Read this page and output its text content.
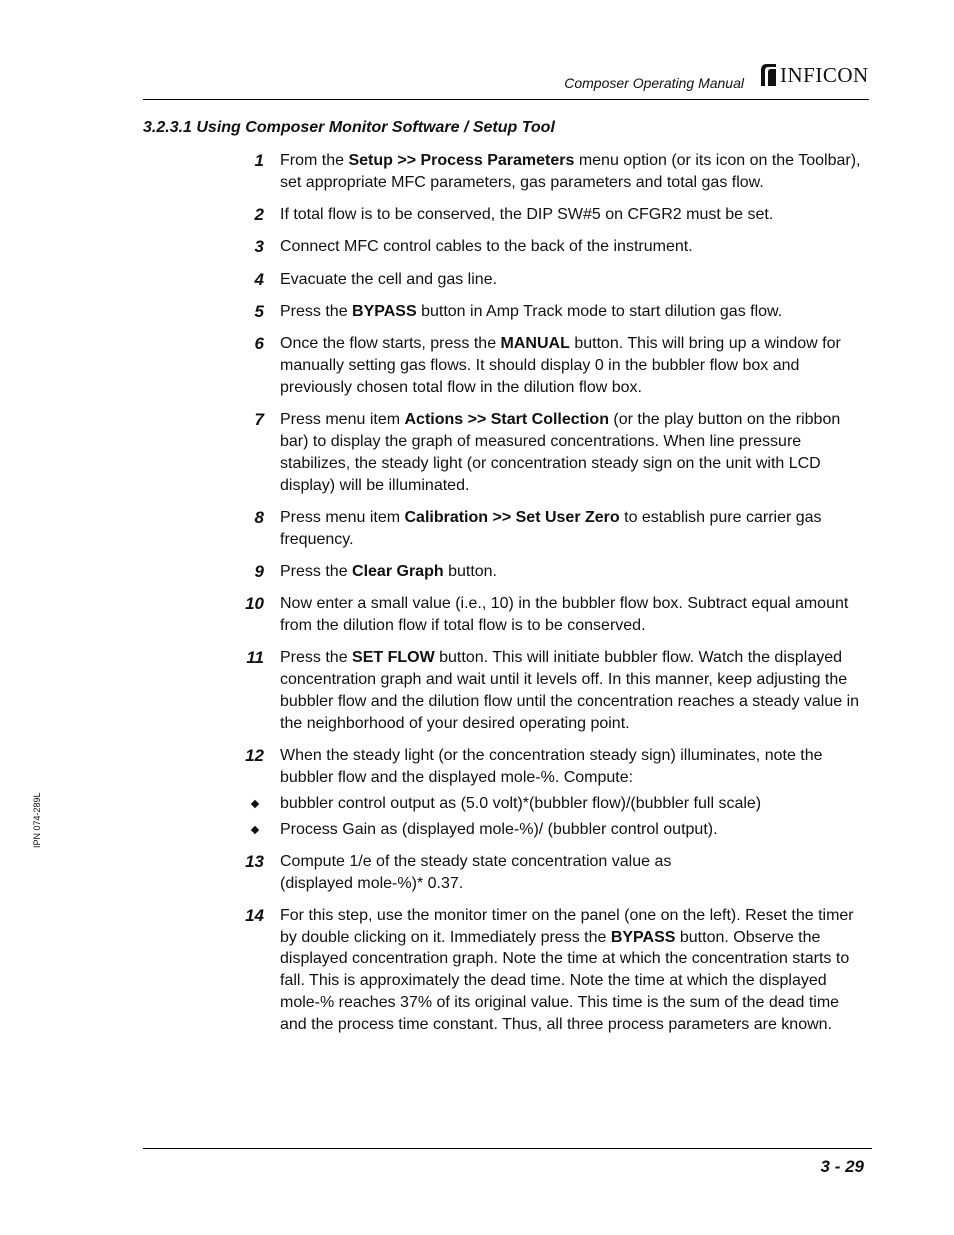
Composer Operating Manual INFICON
3.2.3.1 Using Composer Monitor Software / Setup Tool
IPN 074-289L
1 From the Setup >> Process Parameters menu option (or its icon on the Toolbar), set appropriate MFC parameters, gas parameters and total gas flow.
2 If total flow is to be conserved, the DIP SW#5 on CFGR2 must be set.
3 Connect MFC control cables to the back of the instrument.
4 Evacuate the cell and gas line.
5 Press the BYPASS button in Amp Track mode to start dilution gas flow.
6 Once the flow starts, press the MANUAL button. This will bring up a window for manually setting gas flows. It should display 0 in the bubbler flow box and previously chosen total flow in the dilution flow box.
7 Press menu item Actions >> Start Collection (or the play button on the ribbon bar) to display the graph of measured concentrations. When line pressure stabilizes, the steady light (or concentration steady sign on the unit with LCD display) will be illuminated.
8 Press menu item Calibration >> Set User Zero to establish pure carrier gas frequency.
9 Press the Clear Graph button.
10 Now enter a small value (i.e., 10) in the bubbler flow box. Subtract equal amount from the dilution flow if total flow is to be conserved.
11 Press the SET FLOW button. This will initiate bubbler flow. Watch the displayed concentration graph and wait until it levels off. In this manner, keep adjusting the bubbler flow and the dilution flow until the concentration reaches a steady value in the neighborhood of your desired operating point.
12 When the steady light (or the concentration steady sign) illuminates, note the bubbler flow and the displayed mole-%. Compute:
bubbler control output as (5.0 volt)*(bubbler flow)/(bubbler full scale)
Process Gain as (displayed mole-%)/ (bubbler control output).
13 Compute 1/e of the steady state concentration value as
(displayed mole-%)* 0.37.
14 For this step, use the monitor timer on the panel (one on the left). Reset the timer by double clicking on it. Immediately press the BYPASS button. Observe the displayed concentration graph. Note the time at which the concentration starts to fall. This is approximately the dead time. Note the time at which the displayed mole-% reaches 37% of its original value. This time is the sum of the dead time and the process time constant. Thus, all three process parameters are known.
3 - 29
